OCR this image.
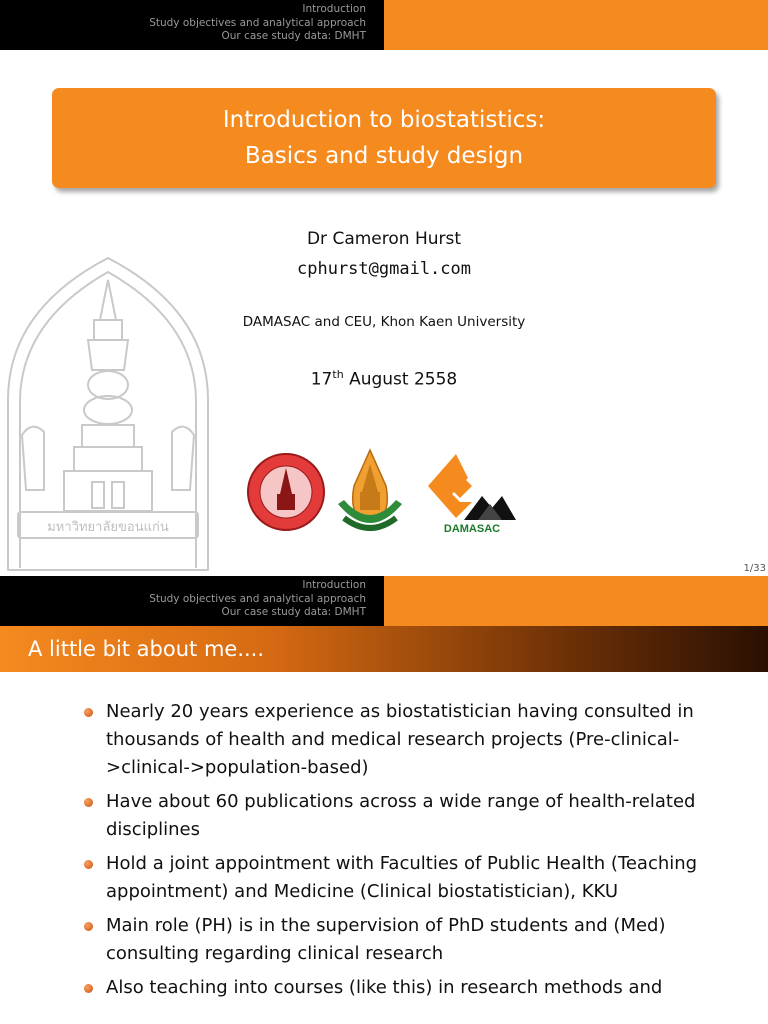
Introduction
Study objectives and analytical approach
Our case study data: DMHT
มหาวิทยาลัยขอนแก่น
Introduction to biostatistics:
Basics and study design
Dr Cameron Hurst
cphurst@gmail.com
DAMASAC and CEU, Khon Kaen University
17th August 2558
DAMASAC
1/33
Introduction
Study objectives and analytical approach
Our case study data: DMHT
A little bit about me....
Nearly 20 years experience as biostatistician having consulted in thousands of health and medical research projects (Pre-clinical->clinical->population-based)
Have about 60 publications across a wide range of health-related disciplines
Hold a joint appointment with Faculties of Public Health (Teaching appointment) and Medicine (Clinical biostatistician), KKU
Main role (PH) is in the supervision of PhD students and (Med) consulting regarding clinical research
Also teaching into courses (like this) in research methods and
